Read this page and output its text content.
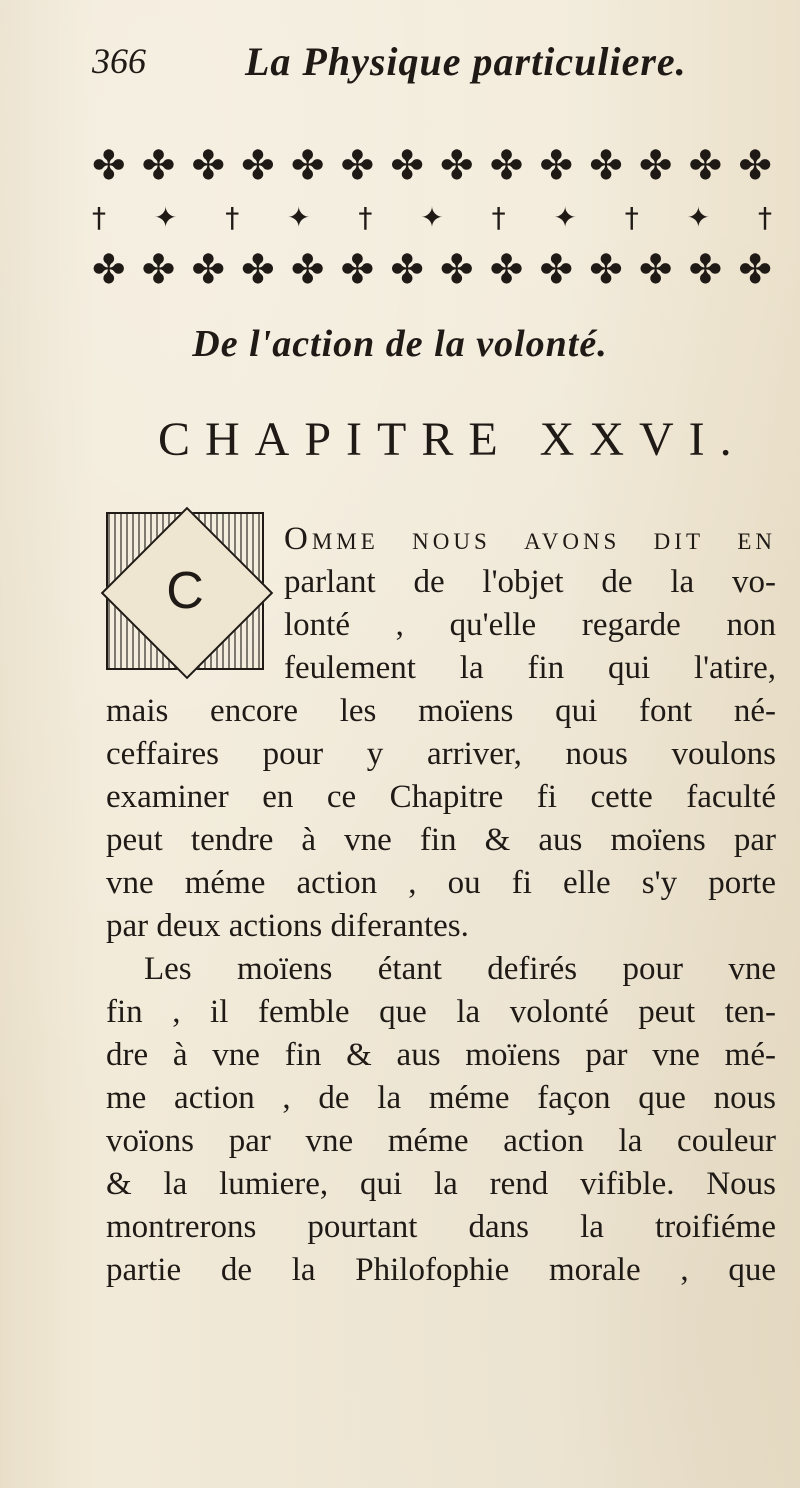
366 La Physique particuliere.
✤ ✤ ✤ ✤ ✤ ✤ ✤ ✤ ✤ ✤ ✤ ✤ ✤ ✤
† ✦ † ✦ † ✦ † ✦ † ✦ †
✤ ✤ ✤ ✤ ✤ ✤ ✤ ✤ ✤ ✤ ✤ ✤ ✤ ✤
De l'action de la volonté.
CHAPITRE XXVI.
C
Omme nous avons dit en
parlant de l'objet de la vo-
lonté , qu'elle regarde non
feulement la fin qui l'atire,
mais encore les moïens qui font né-
ceffaires pour y arriver, nous voulons
examiner en ce Chapitre fi cette faculté
peut tendre à vne fin & aus moïens par
vne méme action , ou fi elle s'y porte
par deux actions diferantes.
Les moïens étant defirés pour vne
fin , il femble que la volonté peut ten-
dre à vne fin & aus moïens par vne mé-
me action , de la méme façon que nous
voïons par vne méme action la couleur
& la lumiere, qui la rend vifible. Nous
montrerons pourtant dans la troifiéme
partie de la Philofophie morale , que
